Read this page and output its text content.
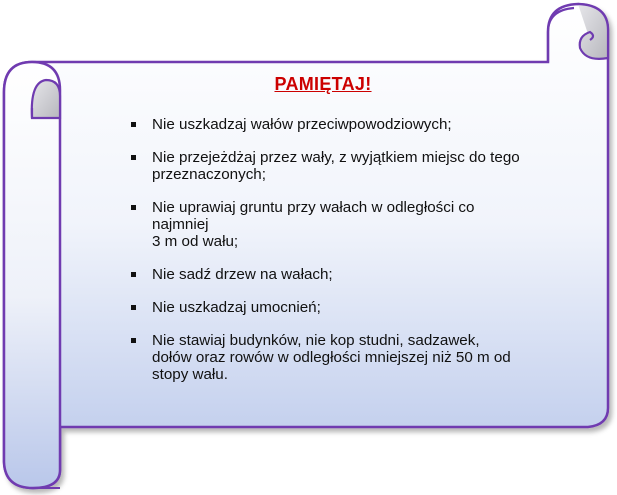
PAMIĘTAJ!
Nie uszkadzaj wałów przeciwpowodziowych;
Nie przejeżdżaj przez wały, z wyjątkiem miejsc do tego
przeznaczonych;
Nie uprawiaj gruntu przy wałach w odległości co
najmniej
3 m od wału;
Nie sadź drzew na wałach;
Nie uszkadzaj umocnień;
Nie stawiaj budynków, nie kop studni, sadzawek,
dołów oraz rowów w odległości mniejszej niż 50 m od
stopy wału.
